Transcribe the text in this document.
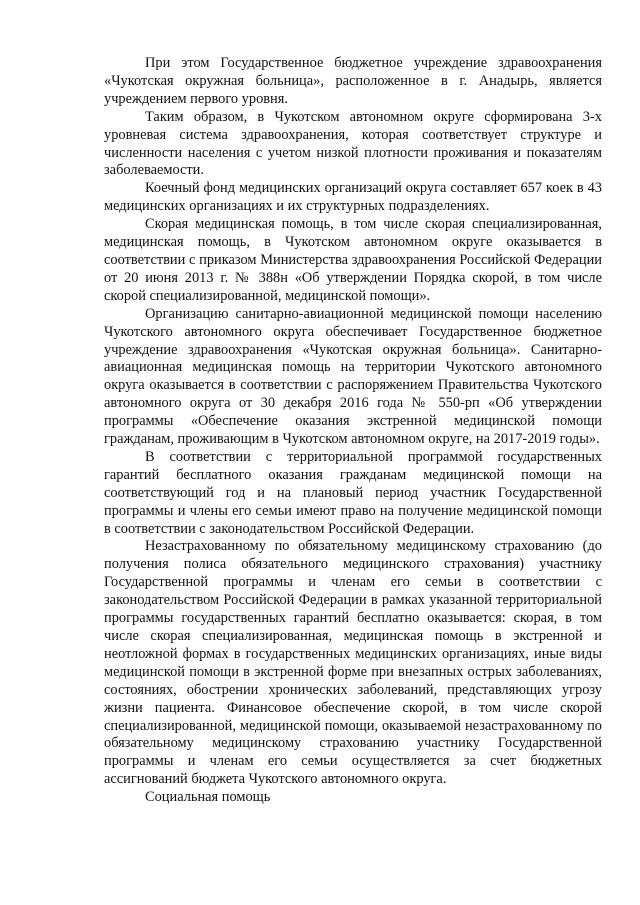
При этом Государственное бюджетное учреждение здравоохранения «Чукотская окружная больница», расположенное в г. Анадырь, является учреждением первого уровня.

Таким образом, в Чукотском автономном округе сформирована 3-х уровневая система здравоохранения, которая соответствует структуре и численности населения с учетом низкой плотности проживания и показателям заболеваемости.

Коечный фонд медицинских организаций округа составляет 657 коек в 43 медицинских организациях и их структурных подразделениях.

Скорая медицинская помощь, в том числе скорая специализированная, медицинская помощь, в Чукотском автономном округе оказывается в соответствии с приказом Министерства здравоохранения Российской Федерации от 20 июня 2013 г. № 388н «Об утверждении Порядка скорой, в том числе скорой специализированной, медицинской помощи».

Организацию санитарно-авиационной медицинской помощи населению Чукотского автономного округа обеспечивает Государственное бюджетное учреждение здравоохранения «Чукотская окружная больница». Санитарно-авиационная медицинская помощь на территории Чукотского автономного округа оказывается в соответствии с распоряжением Правительства Чукотского автономного округа от 30 декабря 2016 года № 550-рп «Об утверждении программы «Обеспечение оказания экстренной медицинской помощи гражданам, проживающим в Чукотском автономном округе, на 2017-2019 годы».

В соответствии с территориальной программой государственных гарантий бесплатного оказания гражданам медицинской помощи на соответствующий год и на плановый период участник Государственной программы и члены его семьи имеют право на получение медицинской помощи в соответствии с законодательством Российской Федерации.

Незастрахованному по обязательному медицинскому страхованию (до получения полиса обязательного медицинского страхования) участнику Государственной программы и членам его семьи в соответствии с законодательством Российской Федерации в рамках указанной территориальной программы государственных гарантий бесплатно оказывается: скорая, в том числе скорая специализированная, медицинская помощь в экстренной и неотложной формах в государственных медицинских организациях, иные виды медицинской помощи в экстренной форме при внезапных острых заболеваниях, состояниях, обострении хронических заболеваний, представляющих угрозу жизни пациента. Финансовое обеспечение скорой, в том числе скорой специализированной, медицинской помощи, оказываемой незастрахованному по обязательному медицинскому страхованию участнику Государственной программы и членам его семьи осуществляется за счет бюджетных ассигнований бюджета Чукотского автономного округа.

Социальная помощь
